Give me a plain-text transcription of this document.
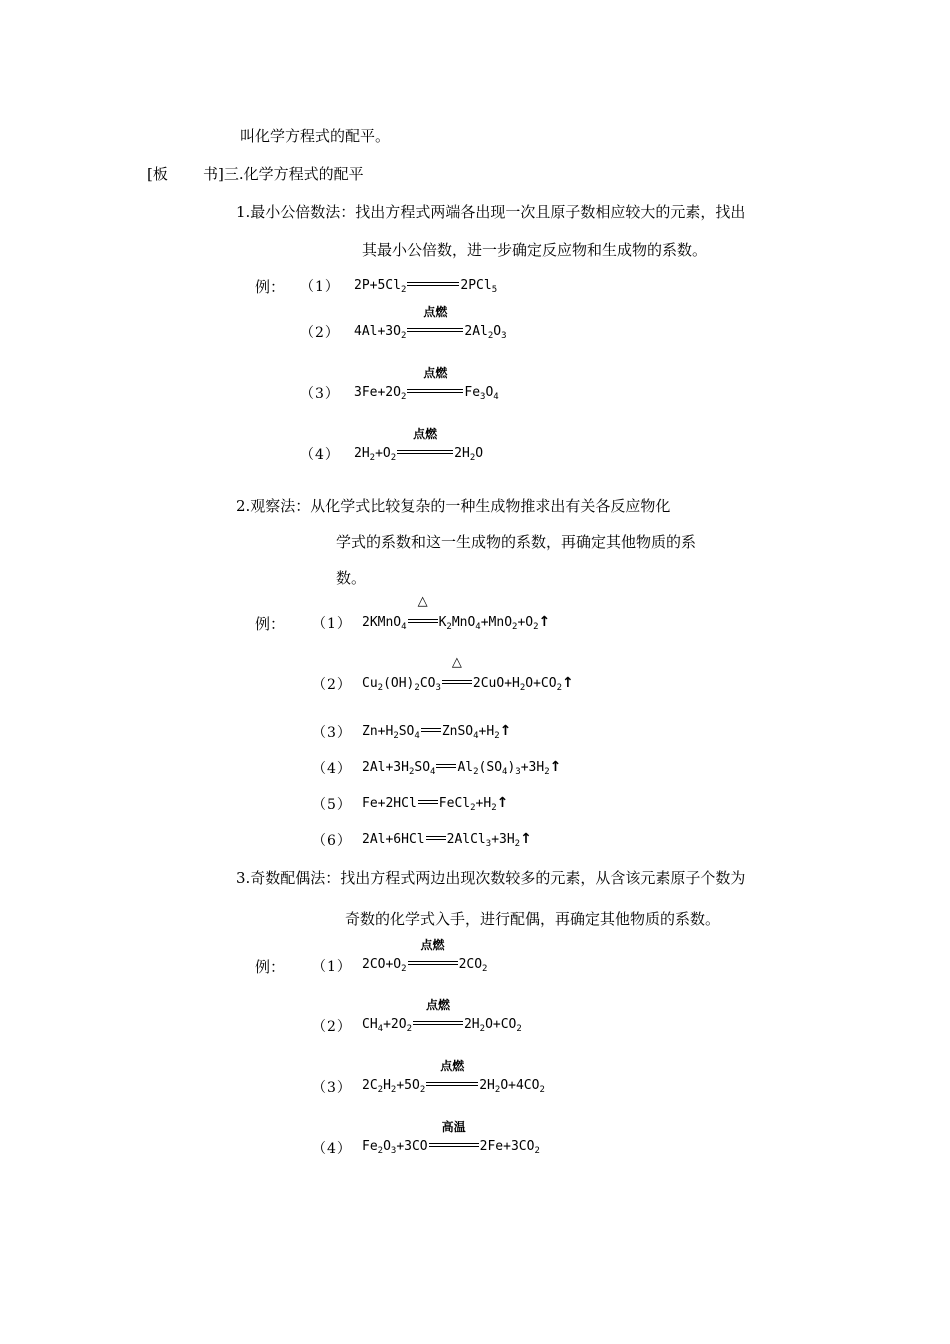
叫化学方程式的配平。
[板 书]三.化学方程式的配平
1.最小公倍数法：找出方程式两端各出现一次且原子数相应较大的元素，找出
其最小公倍数，进一步确定反应物和生成物的系数。
例： （1） $2P+5Cl_2$	2PCl$_5$
（2） $4Al+3O_2$
点燃
$2Al_2O_3$
（3） $3Fe+2O_2$
点燃
$Fe_3O_4$
（4） $2H_2+O_2$
点燃
$2H_2O$
2.观察法：从化学式比较复杂的一种生成物推求出有关各反应物化
学式的系数和这一生成物的系数，再确定其他物质的系
数。
例： （1） 2KMnO$_4$
△
$K_2MnO_4+MnO_2+O_2↑$
（2） $Cu_2(OH)_2CO_3$
△
$2CuO+H_2O+CO_2↑$
（3） $Zn+H_2SO_4$ $ZnSO_4+H_2↑$
（4） $2Al+3H_2SO_4$ $Al_2(SO_4)_3+3H_2↑$
（5） Fe+2HCl $FeCl_2+H_2↑$
（6） 2Al+6HCl $2AlCl_3+3H_2↑$
3.奇数配偶法：找出方程式两边出现次数较多的元素，从含该元素原子个数为
奇数的化学式入手，进行配偶，再确定其他物质的系数。
例： （1） $2CO+O_2$
点燃
$2CO_2$
（2） $CH_4+2O_2$
点燃
$2H_2O+CO_2$
（3） $2C_2H_2+5O_2$
点燃
$2H_2O+4CO_2$
（4） $Fe_2O_3+3CO$
高温
$2Fe+3CO_2$
